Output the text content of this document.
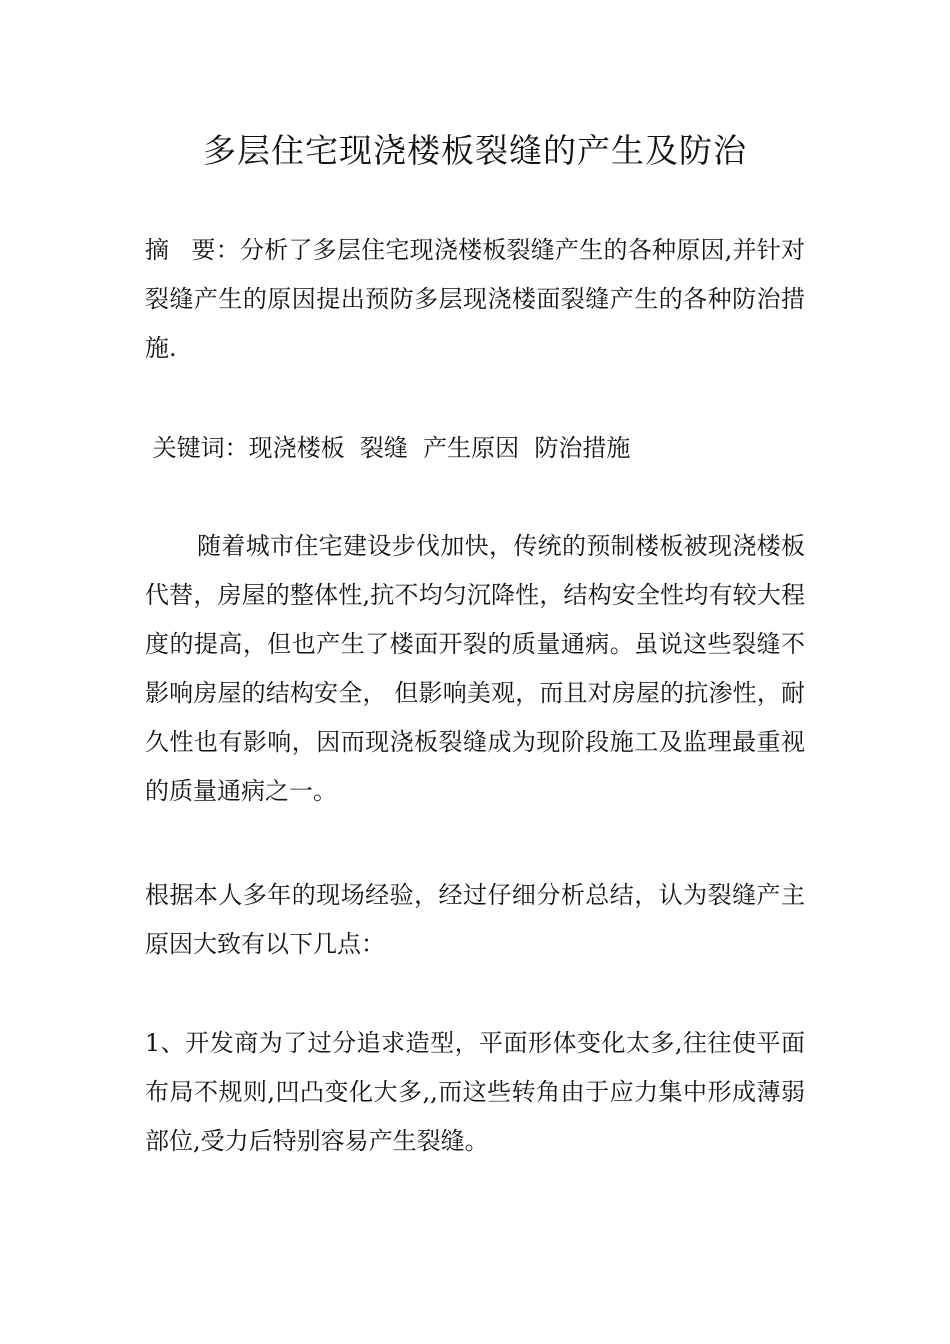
多层住宅现浇楼板裂缝的产生及防治

摘 要：分析了多层住宅现浇楼板裂缝产生的各种原因,并针对裂缝产生的原因提出预防多层现浇楼面裂缝产生的各种防治措施.

关键词：现浇楼板  裂缝  产生原因  防治措施

随着城市住宅建设步伐加快，传统的预制楼板被现浇楼板代替，房屋的整体性,抗不均匀沉降性，结构安全性均有较大程度的提高，但也产生了楼面开裂的质量通病。虽说这些裂缝不影响房屋的结构安全， 但影响美观，而且对房屋的抗渗性，耐久性也有影响，因而现浇板裂缝成为现阶段施工及监理最重视的质量通病之一。

根据本人多年的现场经验，经过仔细分析总结，认为裂缝产主原因大致有以下几点：

1、开发商为了过分追求造型，平面形体变化太多,往往使平面布局不规则,凹凸变化大多,,而这些转角由于应力集中形成薄弱部位,受力后特别容易产生裂缝。
